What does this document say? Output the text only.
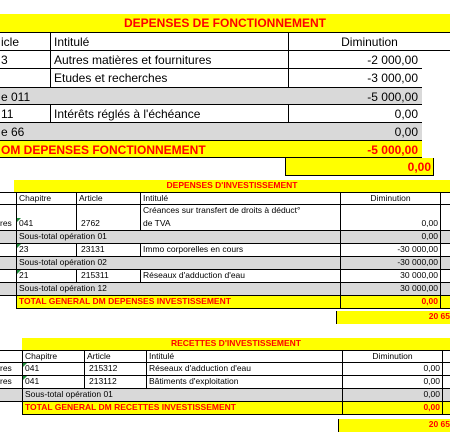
DEPENSES DE FONCTIONNEMENT
icle	Intitulé	Diminution
3	Autres matières et fournitures	-2 000,00
Etudes et recherches	-3 000,00
e 011	-5 000,00
11	Intérêts réglés à l'échéance	0,00
e 66	0,00
OM DEPENSES FONCTIONNEMENT	-5 000,00
0,00
DEPENSES D'INVESTISSEMENT
Chapitre	Article	Intitulé	Diminution
Créances sur transfert de droits à déduct°
res 041	2762	de TVA	0,00
Sous-total opération 01	0,00
23	23131	Immo corporelles en cours	-30 000,00
Sous-total opération 02	-30 000,00
21	215311	Réseaux d'adduction d'eau	30 000,00
Sous-total opération 12	30 000,00
TOTAL GENERAL DM DEPENSES INVESTISSEMENT	0,00
20 65
RECETTES D'INVESTISSEMENT
Chapitre	Article	Intitulé	Diminution
res	041	215312	Réseaux d'adduction d'eau	0,00
res	041	213112	Bâtiments d'exploitation	0,00
Sous-total opération 01	0,00
TOTAL GENERAL DM RECETTES INVESTISSEMENT	0,00
20 65
